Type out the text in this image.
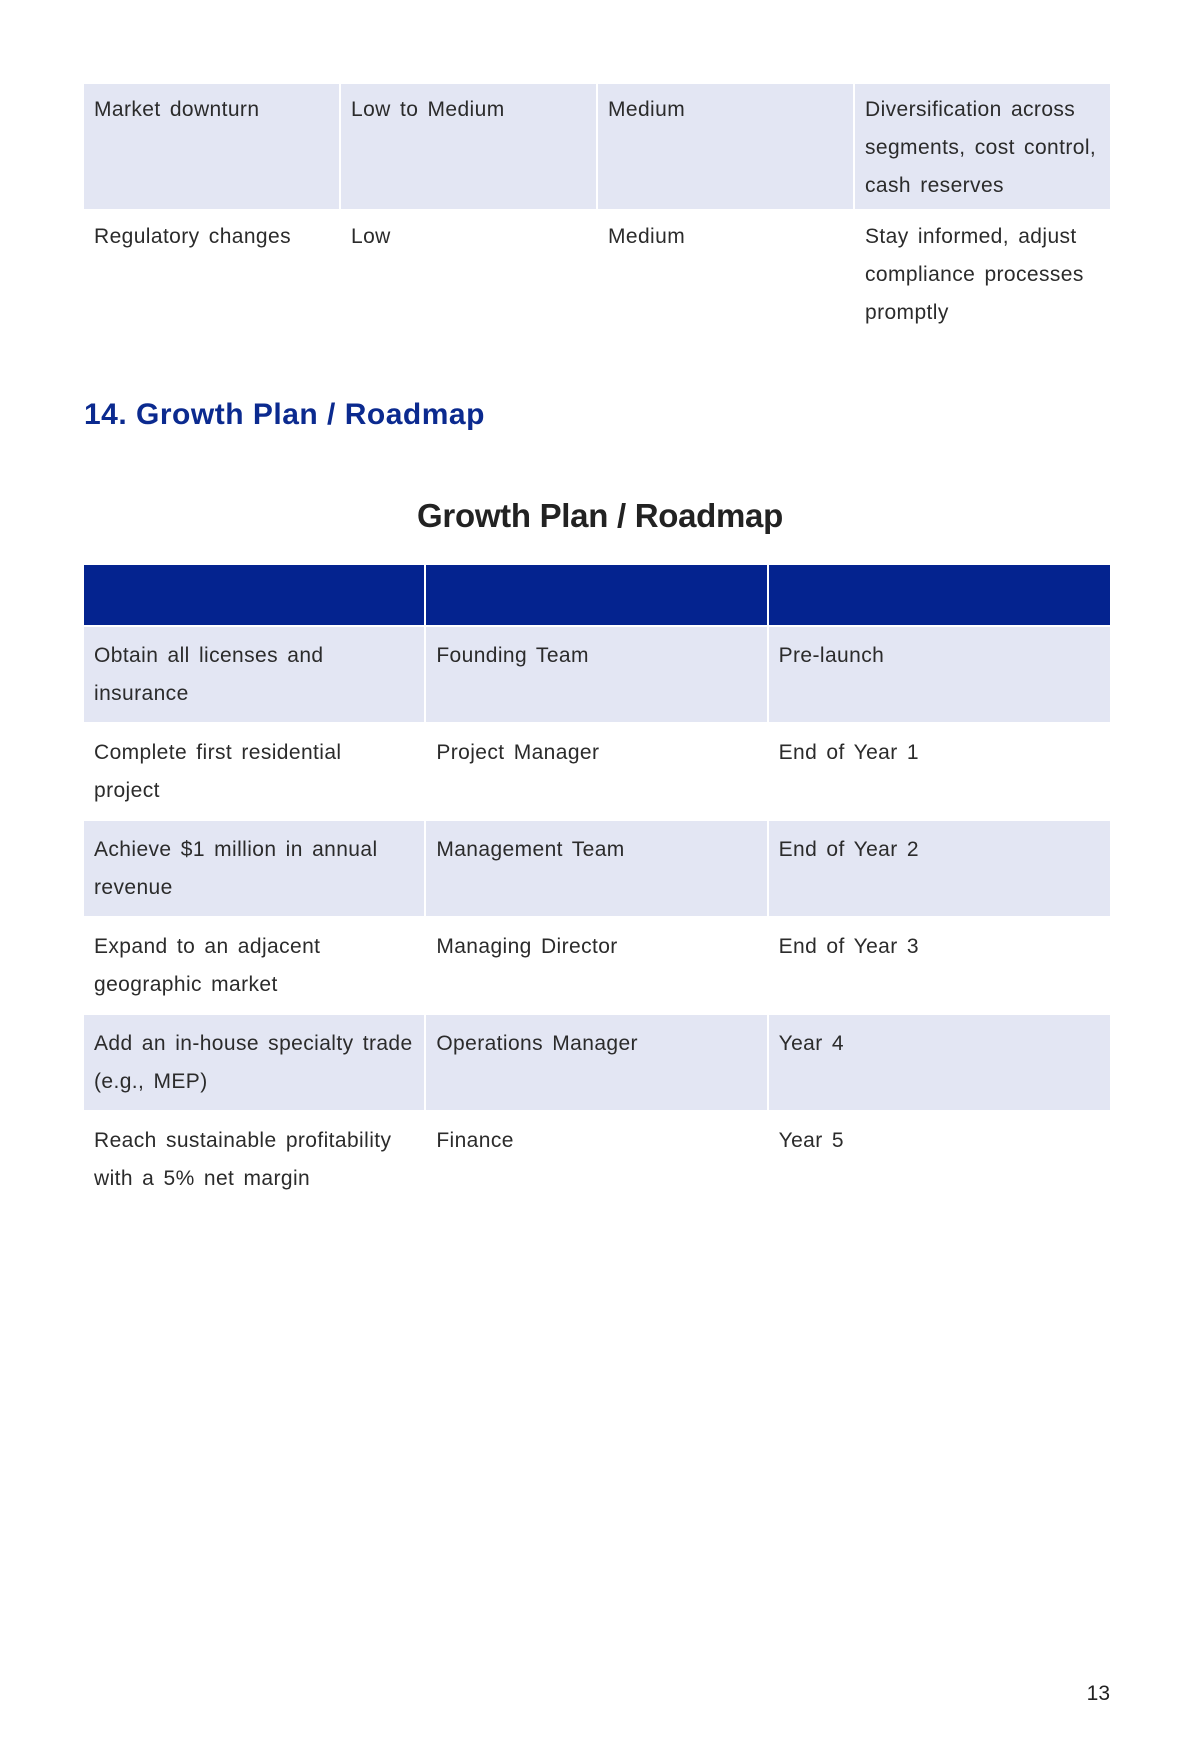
Market downturn	Low to Medium	Medium	Diversification across segments, cost control, cash reserves
Regulatory changes	Low	Medium	Stay informed, adjust compliance processes promptly
14. Growth Plan / Roadmap
Growth Plan / Roadmap

Obtain all licenses and insurance	Founding Team	Pre-launch
Complete first residential project	Project Manager	End of Year 1
Achieve $1 million in annual revenue	Management Team	End of Year 2
Expand to an adjacent geographic market	Managing Director	End of Year 3
Add an in-house specialty trade (e.g., MEP)	Operations Manager	Year 4
Reach sustainable profitability with a 5% net margin	Finance	Year 5
13
